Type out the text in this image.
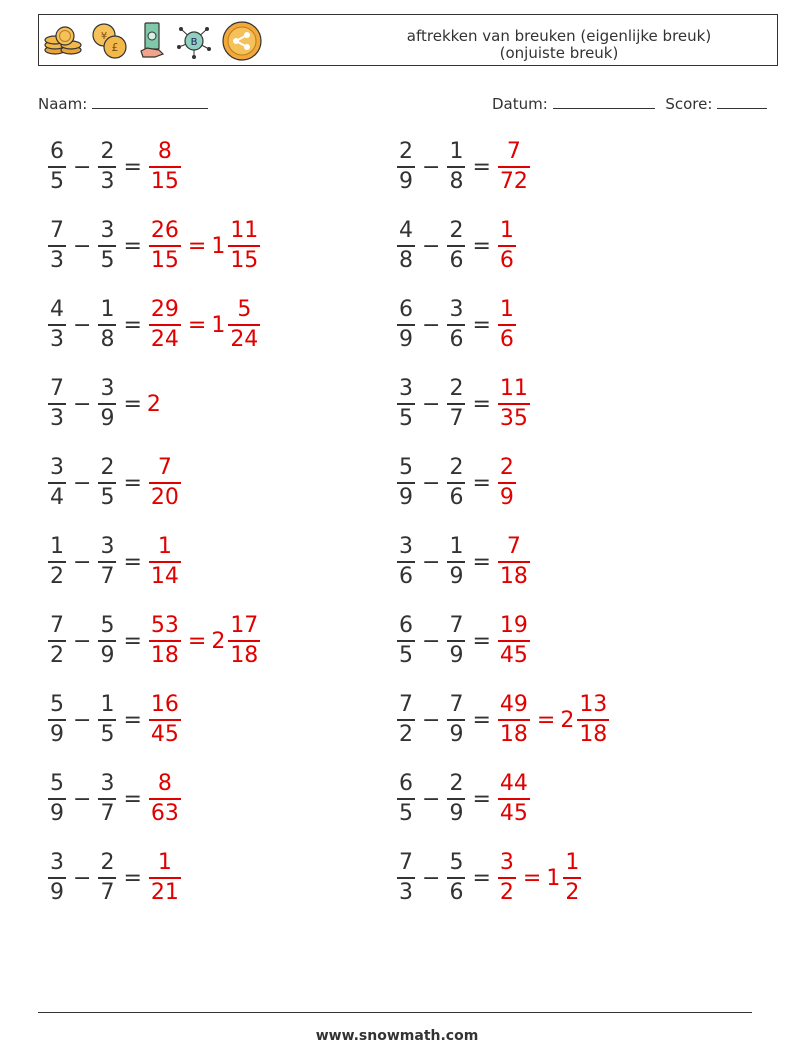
£
¥
B	aftrekken van breuken (eigenlijke breuk)
(onjuiste breuk)
Naam:	Datum:	Score:
$\frac{6}{5} - \frac{2}{3} = \frac{8}{15}$	$\frac{2}{9} - \frac{1}{8} = \frac{7}{72}$
$\frac{7}{3} - \frac{3}{5} = \frac{26}{15} = 1 \frac{11}{15}$	$\frac{4}{8} - \frac{2}{6} = \frac{1}{6}$
$\frac{4}{3} - \frac{1}{8} = \frac{29}{24} = 1 \frac{5}{24}$	$\frac{6}{9} - \frac{3}{6} = \frac{1}{6}$
$\frac{7}{3} - \frac{3}{9} = 2$	$\frac{3}{5} - \frac{2}{7} = \frac{11}{35}$
$\frac{3}{4} - \frac{2}{5} = \frac{7}{20}$	$\frac{5}{9} - \frac{2}{6} = \frac{2}{9}$
$\frac{1}{2} - \frac{3}{7} = \frac{1}{14}$	$\frac{3}{6} - \frac{1}{9} = \frac{7}{18}$
$\frac{7}{2} - \frac{5}{9} = \frac{53}{18} = 2 \frac{17}{18}$	$\frac{6}{5} - \frac{7}{9} = \frac{19}{45}$
$\frac{5}{9} - \frac{1}{5} = \frac{16}{45}$	$\frac{7}{2} - \frac{7}{9} = \frac{49}{18} = 2 \frac{13}{18}$
$\frac{5}{9} - \frac{3}{7} = \frac{8}{63}$	$\frac{6}{5} - \frac{2}{9} = \frac{44}{45}$
$\frac{3}{9} - \frac{2}{7} = \frac{1}{21}$	$\frac{7}{3} - \frac{5}{6} = \frac{3}{2} = 1 \frac{1}{2}$
www.snowmath.com
